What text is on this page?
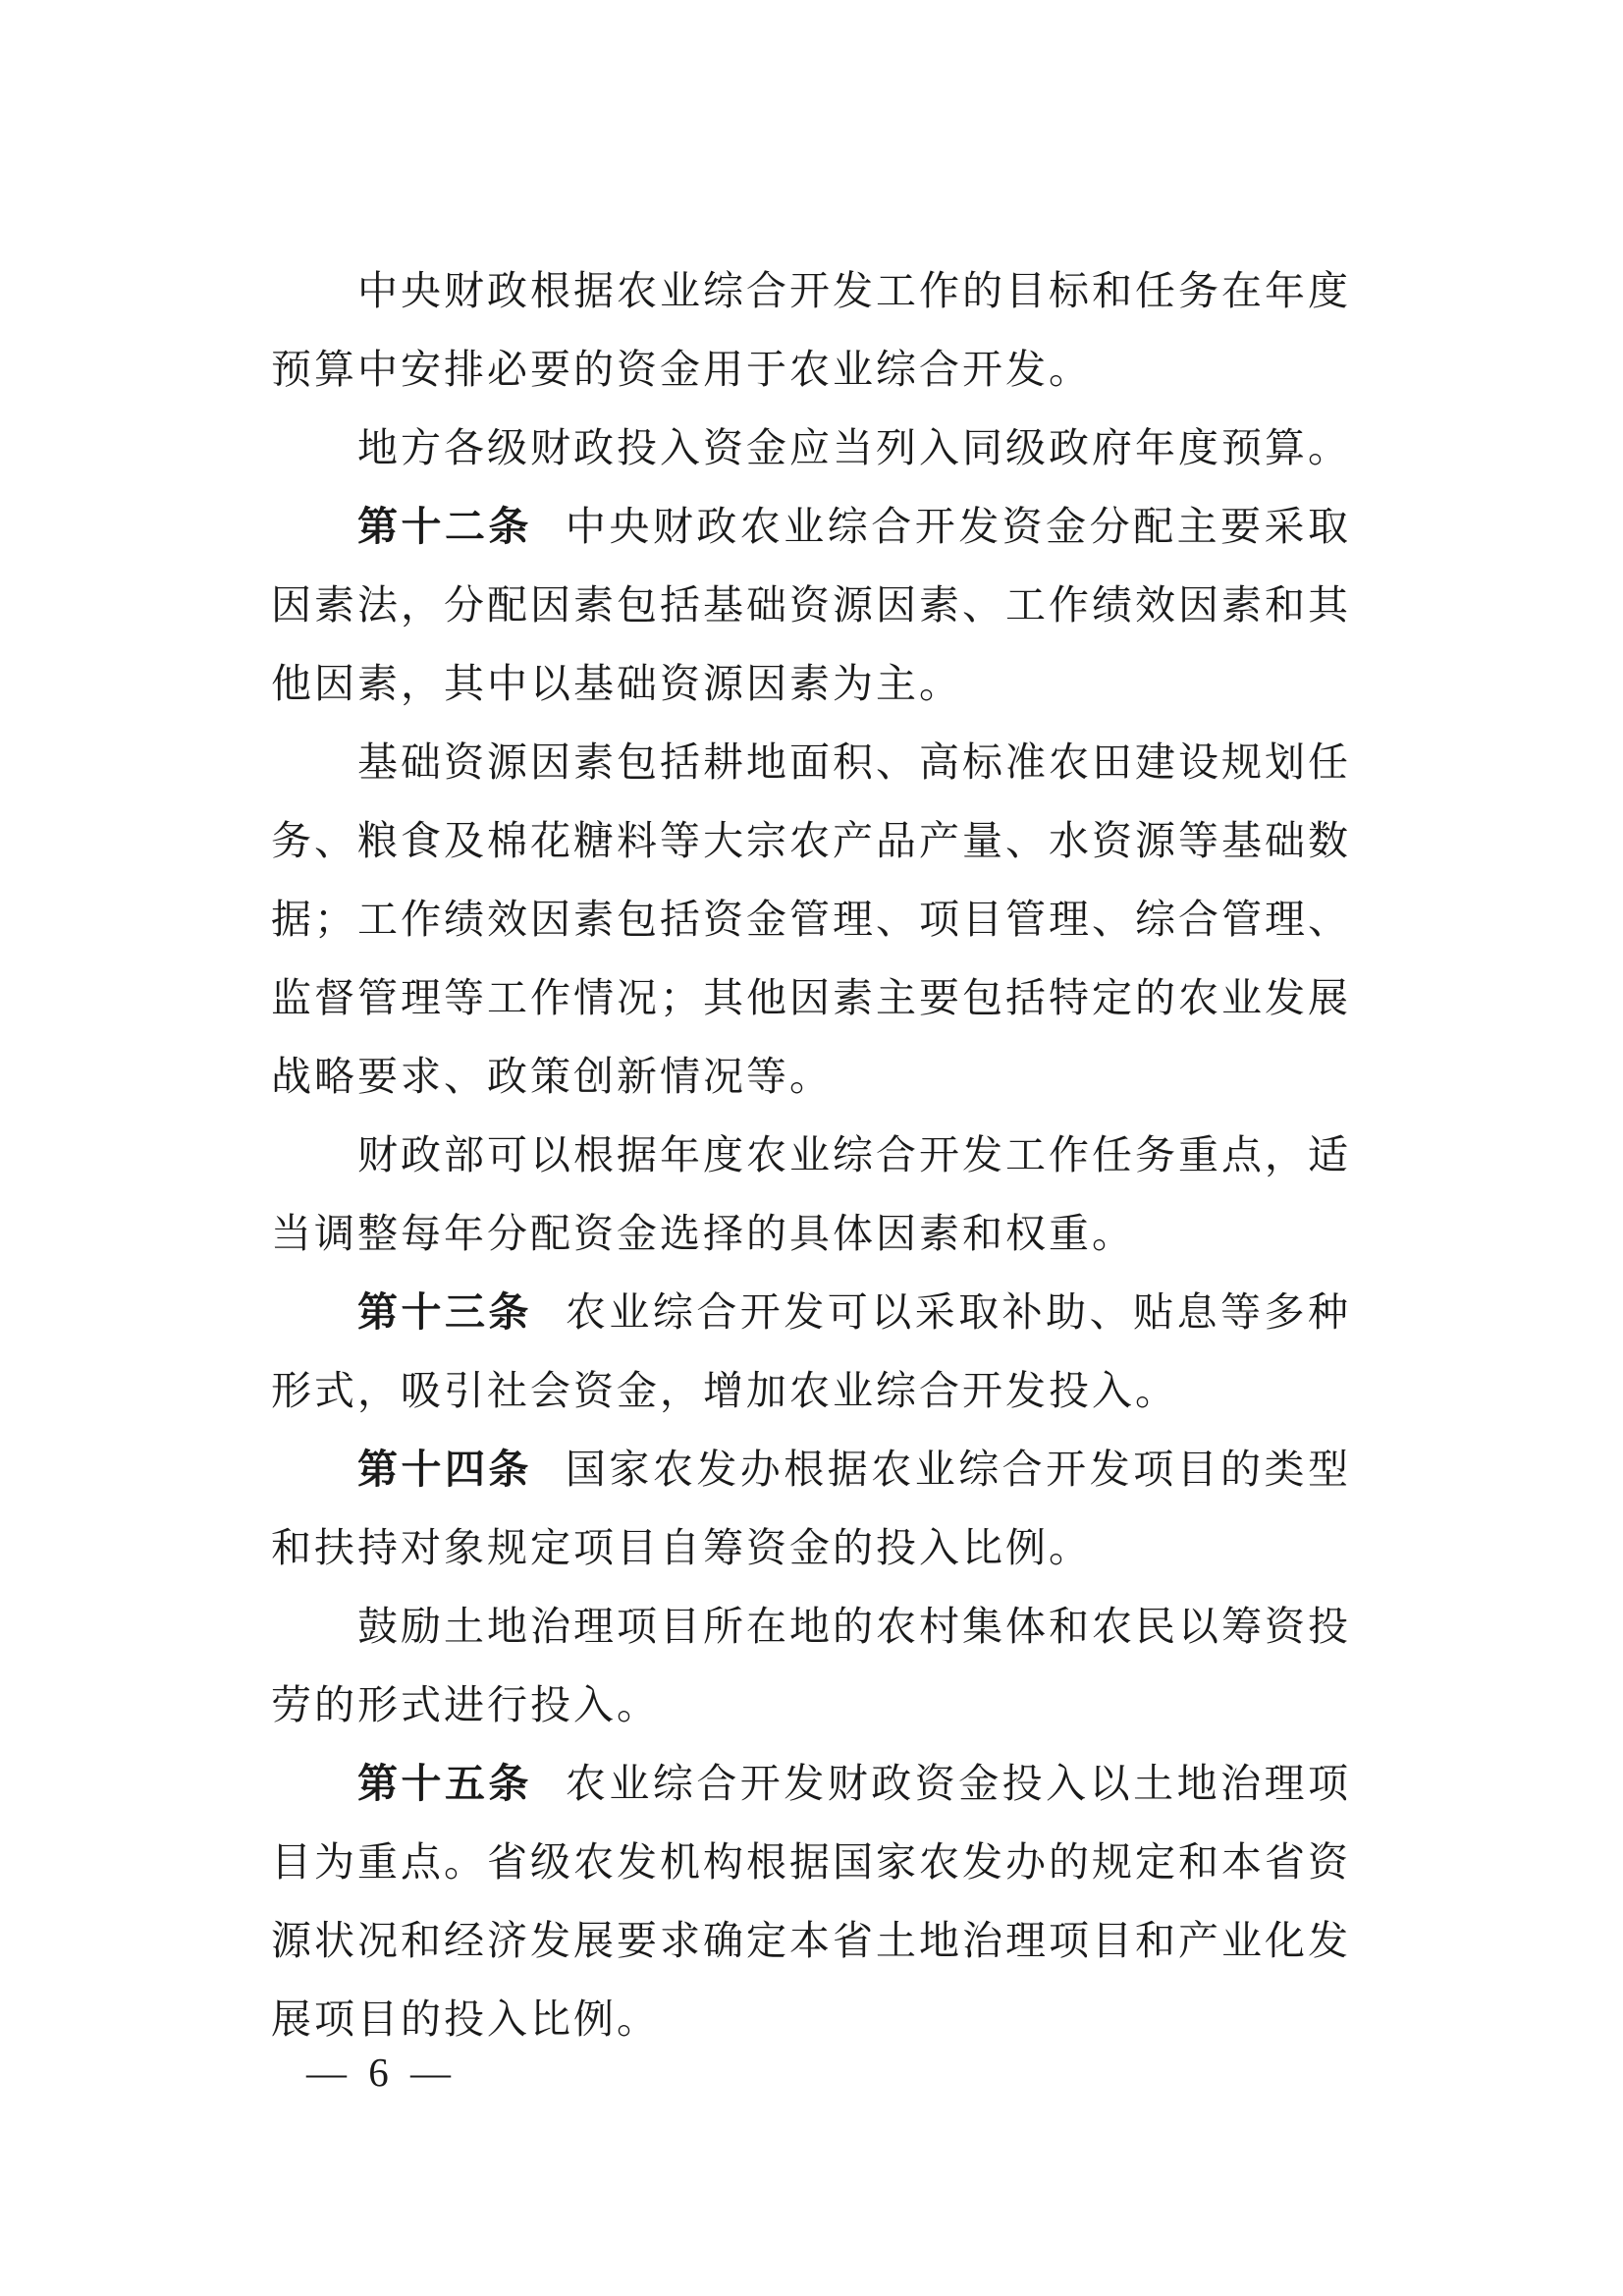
中央财政根据农业综合开发工作的目标和任务在年度预算中安排必要的资金用于农业综合开发。

地方各级财政投入资金应当列入同级政府年度预算。

第十二条 中央财政农业综合开发资金分配主要采取因素法，分配因素包括基础资源因素、工作绩效因素和其他因素，其中以基础资源因素为主。

基础资源因素包括耕地面积、高标准农田建设规划任务、粮食及棉花糖料等大宗农产品产量、水资源等基础数据；工作绩效因素包括资金管理、项目管理、综合管理、监督管理等工作情况；其他因素主要包括特定的农业发展战略要求、政策创新情况等。

财政部可以根据年度农业综合开发工作任务重点，适当调整每年分配资金选择的具体因素和权重。

第十三条 农业综合开发可以采取补助、贴息等多种形式，吸引社会资金，增加农业综合开发投入。

第十四条 国家农发办根据农业综合开发项目的类型和扶持对象规定项目自筹资金的投入比例。

鼓励土地治理项目所在地的农村集体和农民以筹资投劳的形式进行投入。

第十五条 农业综合开发财政资金投入以土地治理项目为重点。省级农发机构根据国家农发办的规定和本省资源状况和经济发展要求确定本省土地治理项目和产业化发展项目的投入比例。

— 6 —
